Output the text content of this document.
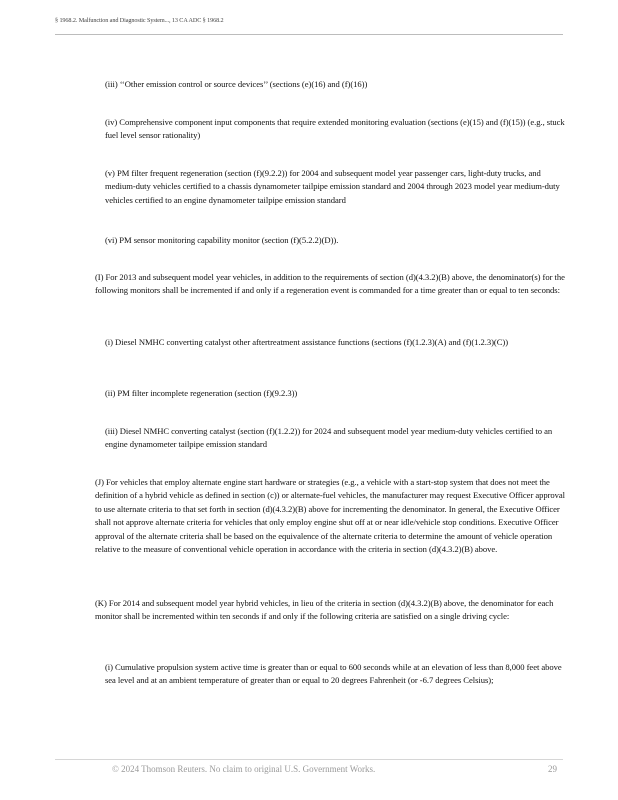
§ 1968.2. Malfunction and Diagnostic System..., 13 CA ADC § 1968.2

(iii) ‘‘Other emission control or source devices’’ (sections (e)(16) and (f)(16))

(iv) Comprehensive component input components that require extended monitoring evaluation (sections (e)(15) and (f)(15)) (e.g., stuck fuel level sensor rationality)

(v) PM filter frequent regeneration (section (f)(9.2.2)) for 2004 and subsequent model year passenger cars, light-duty trucks, and medium-duty vehicles certified to a chassis dynamometer tailpipe emission standard and 2004 through 2023 model year medium-duty vehicles certified to an engine dynamometer tailpipe emission standard

(vi) PM sensor monitoring capability monitor (section (f)(5.2.2)(D)).

(I) For 2013 and subsequent model year vehicles, in addition to the requirements of section (d)(4.3.2)(B) above, the denominator(s) for the following monitors shall be incremented if and only if a regeneration event is commanded for a time greater than or equal to ten seconds:

(i) Diesel NMHC converting catalyst other aftertreatment assistance functions (sections (f)(1.2.3)(A) and (f)(1.2.3)(C))

(ii) PM filter incomplete regeneration (section (f)(9.2.3))

(iii) Diesel NMHC converting catalyst (section (f)(1.2.2)) for 2024 and subsequent model year medium-duty vehicles certified to an engine dynamometer tailpipe emission standard

(J) For vehicles that employ alternate engine start hardware or strategies (e.g., a vehicle with a start-stop system that does not meet the definition of a hybrid vehicle as defined in section (c)) or alternate-fuel vehicles, the manufacturer may request Executive Officer approval to use alternate criteria to that set forth in section (d)(4.3.2)(B) above for incrementing the denominator. In general, the Executive Officer shall not approve alternate criteria for vehicles that only employ engine shut off at or near idle/vehicle stop conditions. Executive Officer approval of the alternate criteria shall be based on the equivalence of the alternate criteria to determine the amount of vehicle operation relative to the measure of conventional vehicle operation in accordance with the criteria in section (d)(4.3.2)(B) above.

(K) For 2014 and subsequent model year hybrid vehicles, in lieu of the criteria in section (d)(4.3.2)(B) above, the denominator for each monitor shall be incremented within ten seconds if and only if the following criteria are satisfied on a single driving cycle:

(i) Cumulative propulsion system active time is greater than or equal to 600 seconds while at an elevation of less than 8,000 feet above sea level and at an ambient temperature of greater than or equal to 20 degrees Fahrenheit (or -6.7 degrees Celsius);

© 2024 Thomson Reuters. No claim to original U.S. Government Works.	29
